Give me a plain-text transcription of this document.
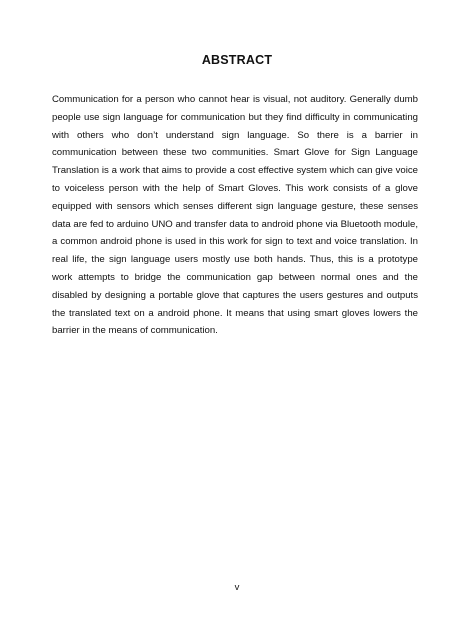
ABSTRACT

Communication for a person who cannot hear is visual, not auditory. Generally dumb people use sign language for communication but they find difficulty in communicating with others who don’t understand sign language. So there is a barrier in communication between these two communities. Smart Glove for Sign Language Translation is a work that aims to provide a cost effective system which can give voice to voiceless person with the help of Smart Gloves. This work consists of a glove equipped with sensors which senses different sign language gesture, these senses data are fed to arduino UNO and transfer data to android phone via Bluetooth module, a common android phone is used in this work for sign to text and voice translation. In real life, the sign language users mostly use both hands. Thus, this is a prototype work attempts to bridge the communication gap between normal ones and the disabled by designing a portable glove that captures the users gestures and outputs the translated text on a android phone. It means that using smart gloves lowers the barrier in the means of communication.

v
